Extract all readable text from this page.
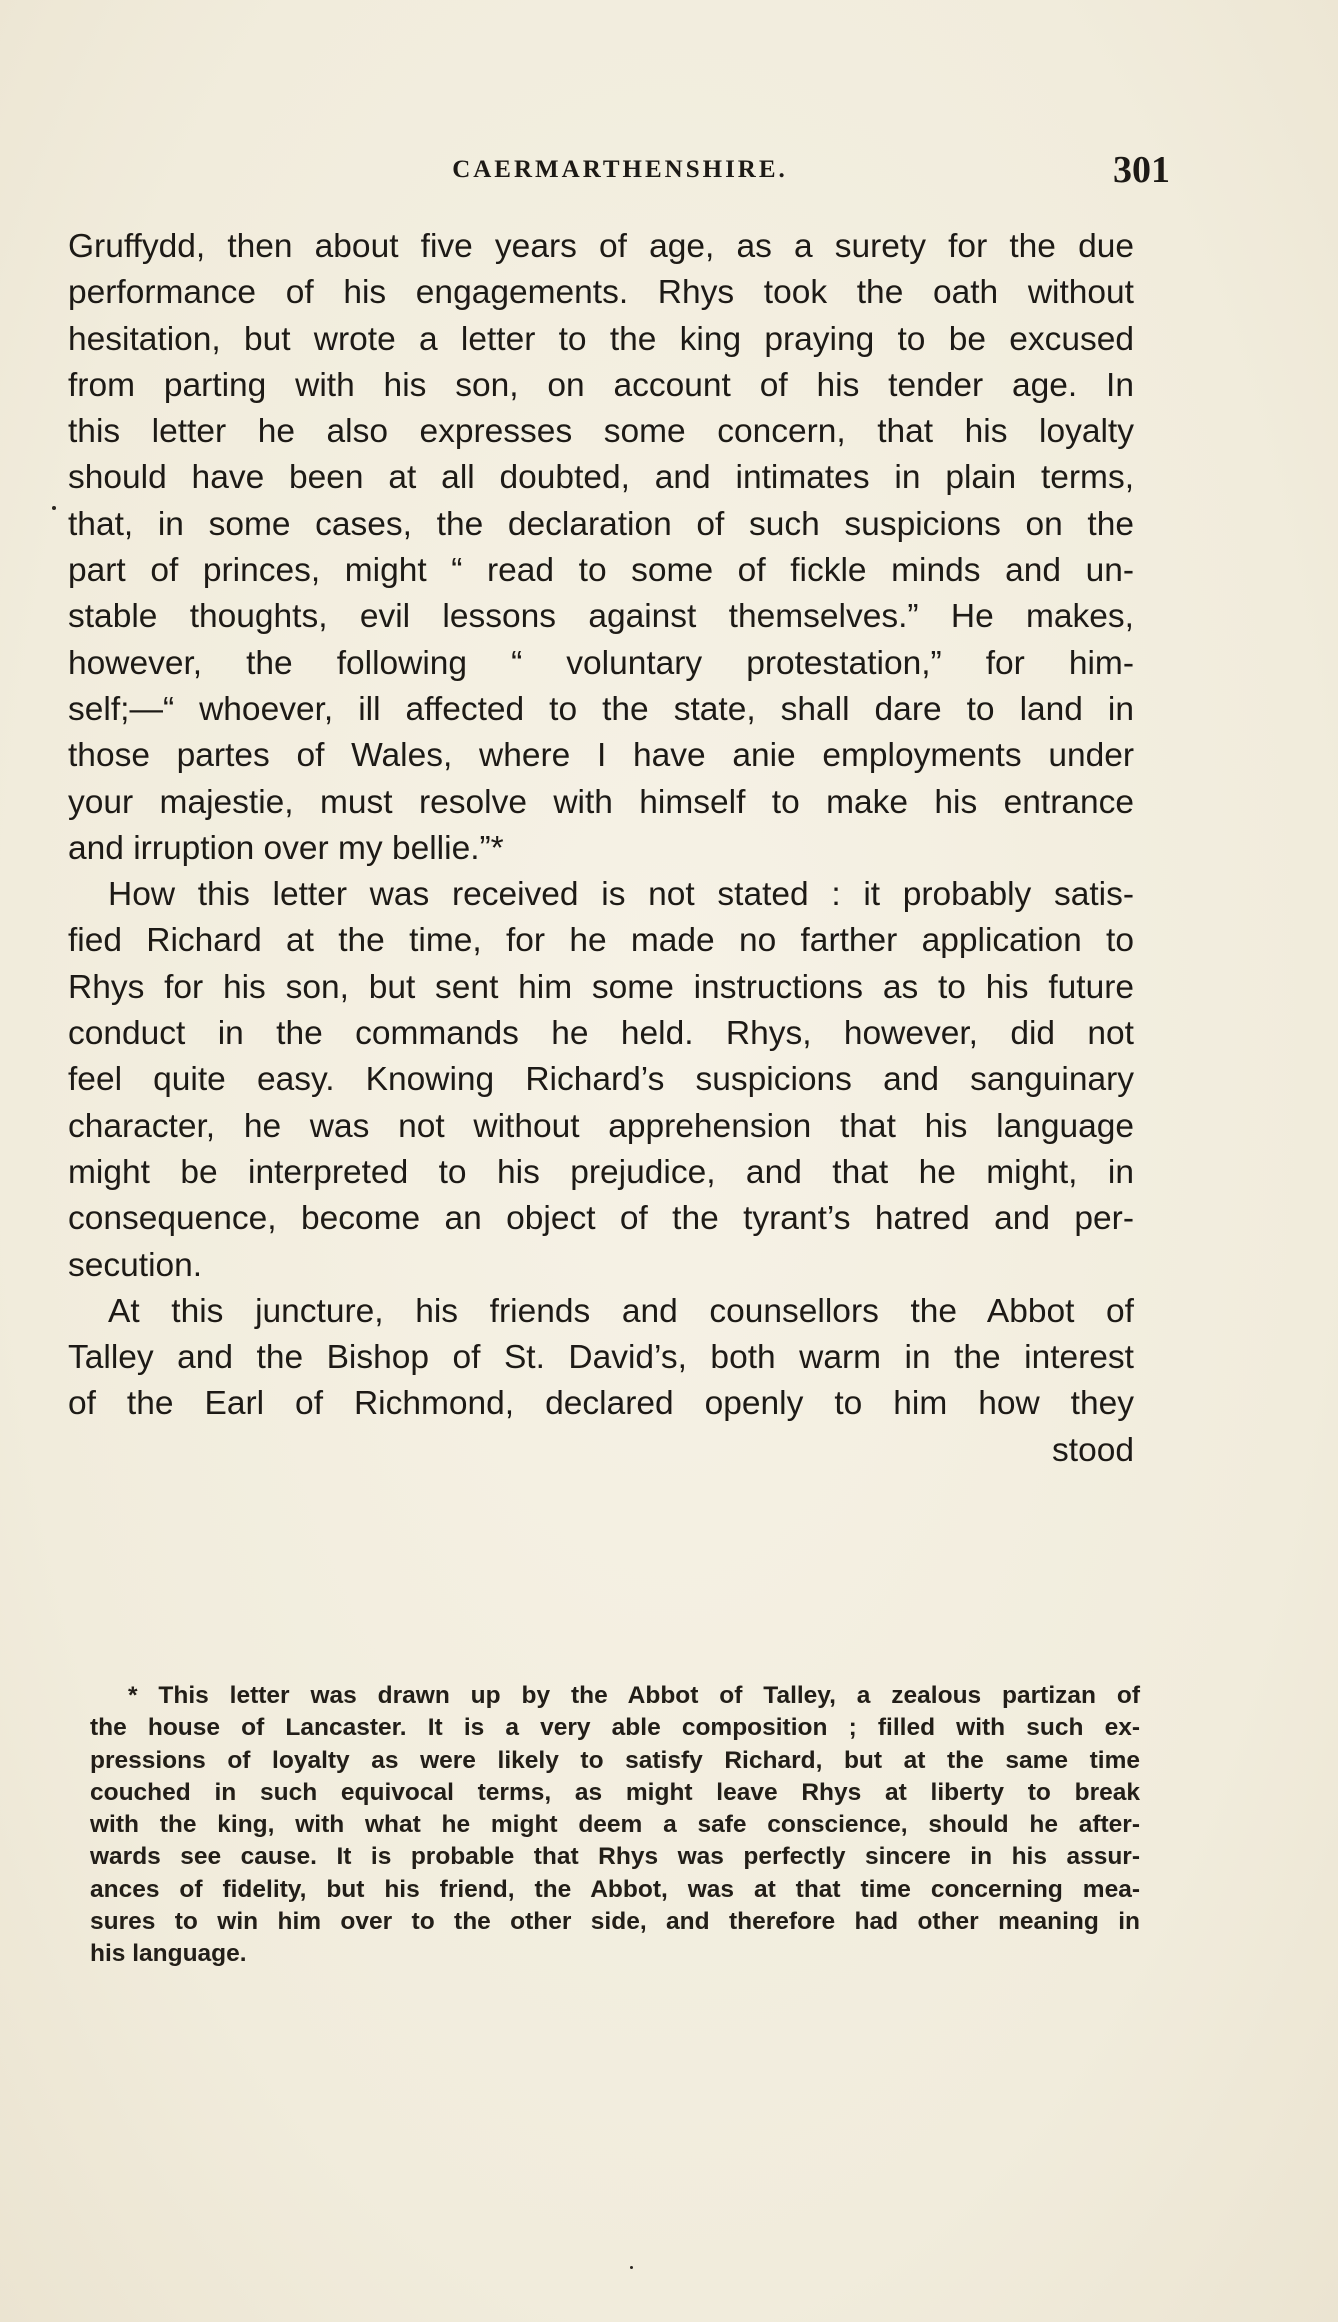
CAERMARTHENSHIRE.	301
Gruffydd, then about five years of age, as a surety for the due
performance of his engagements. Rhys took the oath without
hesitation, but wrote a letter to the king praying to be excused
from parting with his son, on account of his tender age. In
this letter he also expresses some concern, that his loyalty
should have been at all doubted, and intimates in plain terms,
that, in some cases, the declaration of such suspicions on the
part of princes, might “ read to some of fickle minds and un-
stable thoughts, evil lessons against themselves.” He makes,
however, the following “ voluntary protestation,” for him-
self;—“ whoever, ill affected to the state, shall dare to land in
those partes of Wales, where I have anie employments under
your majestie, must resolve with himself to make his entrance
and irruption over my bellie.”*
How this letter was received is not stated : it probably satis-
fied Richard at the time, for he made no farther application to
Rhys for his son, but sent him some instructions as to his future
conduct in the commands he held. Rhys, however, did not
feel quite easy. Knowing Richard’s suspicions and sanguinary
character, he was not without apprehension that his language
might be interpreted to his prejudice, and that he might, in
consequence, become an object of the tyrant’s hatred and per-
secution.
At this juncture, his friends and counsellors the Abbot of
Talley and the Bishop of St. David’s, both warm in the interest
of the Earl of Richmond, declared openly to him how they
stood
* This letter was drawn up by the Abbot of Talley, a zealous partizan of
the house of Lancaster. It is a very able composition ; filled with such ex-
pressions of loyalty as were likely to satisfy Richard, but at the same time
couched in such equivocal terms, as might leave Rhys at liberty to break
with the king, with what he might deem a safe conscience, should he after-
wards see cause. It is probable that Rhys was perfectly sincere in his assur-
ances of fidelity, but his friend, the Abbot, was at that time concerning mea-
sures to win him over to the other side, and therefore had other meaning in
his language.
